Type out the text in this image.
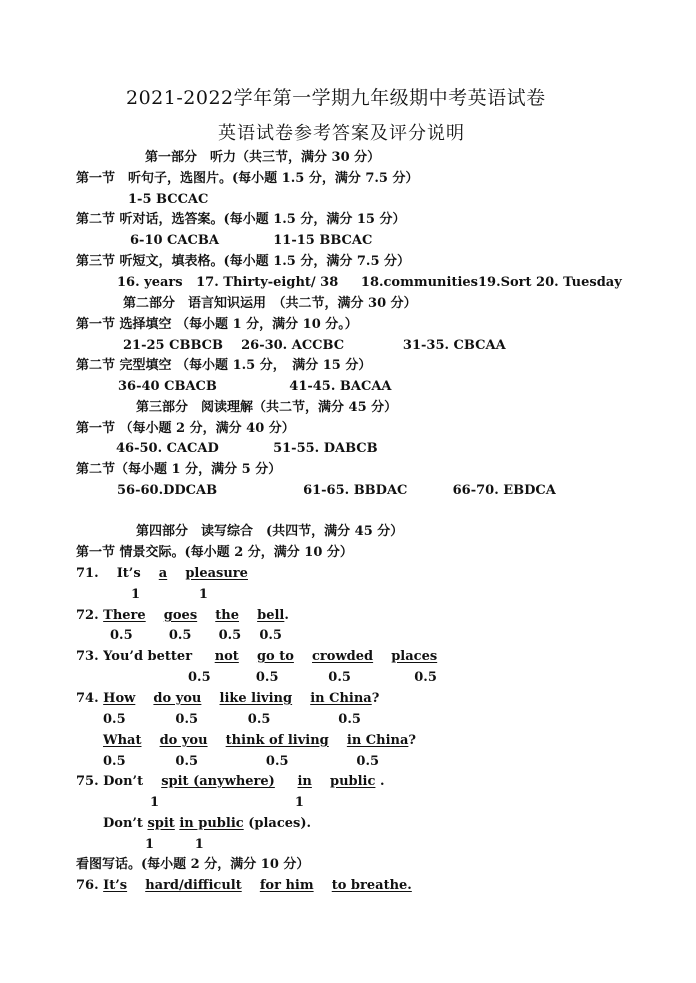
2021-2022学年第一学期九年级期中考英语试卷
英语试卷参考答案及评分说明
第一部分　听力（共三节，满分 30 分）
第一节　听句子，选图片。(每小题 1.5 分，满分 7.5 分）
1-5 BCCAC
第二节 听对话，选答案。(每小题 1.5 分，满分 15 分）
6-10 CACBA            11-15 BBCAC
第三节 听短文，填表格。(每小题 1.5 分，满分 7.5 分）
16. years   17. Thirty-eight/ 38     18.communities19.Sort 20. Tuesday
第二部分　语言知识运用　（共二节，满分 30 分）
第一节 选择填空 （每小题 1 分，满分 10 分。）
21-25 CBBCB    26-30. ACCBC             31-35. CBCAA
第二节 完型填空 （每小题 1.5 分，　满分 15 分）
36-40 CBACB                41-45. BACAA
第三部分　阅读理解（共二节，满分 45 分）
第一节 （每小题 2 分，满分 40 分）
46-50. CACAD            51-55. DABCB
第二节（每小题 1 分，满分 5 分）
56-60.DDCAB                   61-65. BBDAC          66-70. EBDCA
第四部分　读写综合　(共四节，满分 45 分）
第一节 情景交际。(每小题 2 分，满分 10 分）
71.    It’s    a pleasure
1             1
72. There goes the bell.
0.5        0.5      0.5    0.5
73. You’d better     not go to crowded places
0.5          0.5           0.5              0.5
74. How do you like living in China?
0.5           0.5           0.5               0.5
What do you think of living in China?
0.5           0.5               0.5               0.5
75. Don’t    spit (anywhere) in public .
1                              1
Don’t spit in public (places).
1         1
看图写话。(每小题 2 分，满分 10 分）
76. It’s hard/difficult for him to breathe.
